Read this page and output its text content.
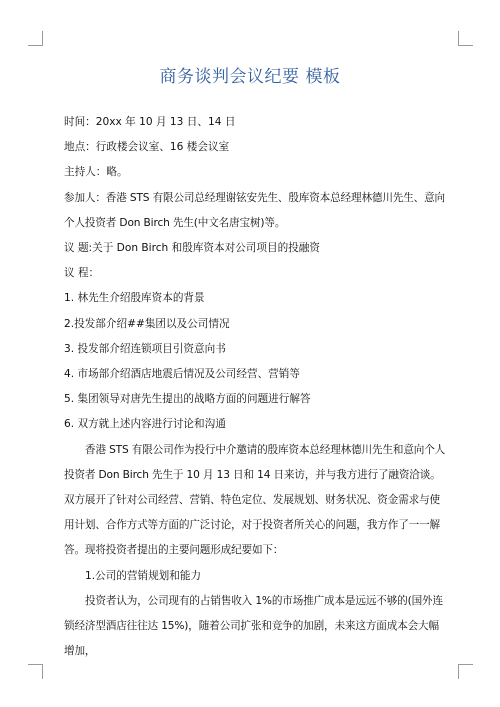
商务谈判会议纪要 模板

时间：20xx 年 10 月 13 日、14 日

地点：行政楼会议室、16 楼会议室

主持人：略。

参加人：香港 STS 有限公司总经理谢铉安先生、殷库资本总经理林德川先生、意向个人投资者 Don Birch 先生(中文名唐宝树)等。

议 题:关于 Don Birch 和殷库资本对公司项目的投融资

议 程：

1. 林先生介绍殷库资本的背景

2.投发部介绍##集团以及公司情况

3. 投发部介绍连锁项目引资意向书

4. 市场部介绍酒店地震后情况及公司经营、营销等

5. 集团领导对唐先生提出的战略方面的问题进行解答

6. 双方就上述内容进行讨论和沟通

香港 STS 有限公司作为投行中介邀请的殷库资本总经理林德川先生和意向个人投资者 Don Birch 先生于 10 月 13 日和 14 日来访，并与我方进行了融资洽谈。双方展开了针对公司经营、营销、特色定位、发展规划、财务状况、资金需求与使用计划、合作方式等方面的广泛讨论，对于投资者所关心的问题，我方作了一一解答。现将投资者提出的主要问题形成纪要如下：

1.公司的营销规划和能力

投资者认为，公司现有的占销售收入 1%的市场推广成本是远远不够的(国外连锁经济型酒店往往达 15%)，随着公司扩张和竞争的加剧，未来这方面成本会大幅增加，
